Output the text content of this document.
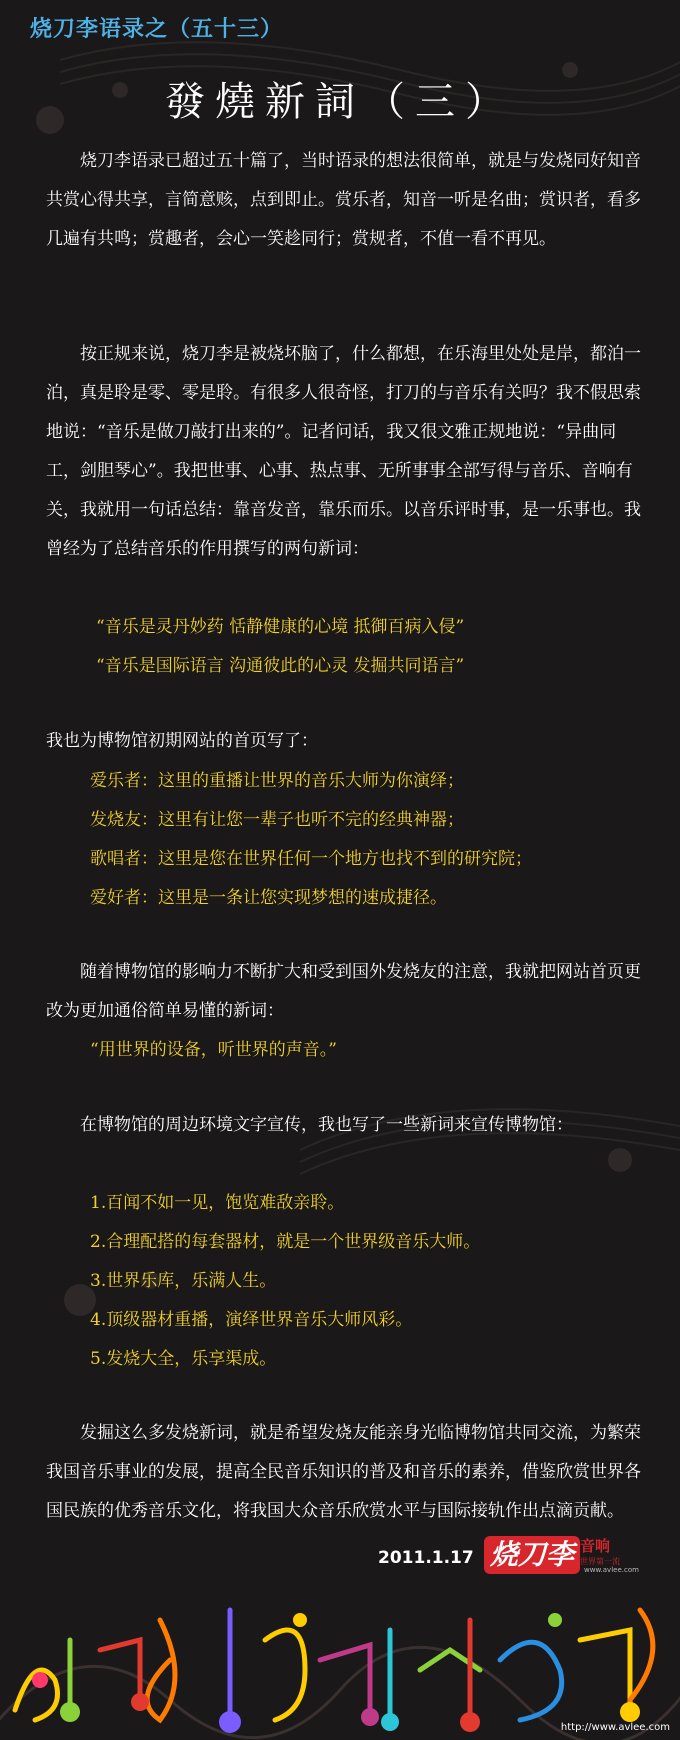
烧刀李语录之（五十三）
發燒新詞（三）

烧刀李语录已超过五十篇了，当时语录的想法很简单，就是与发烧同好知音共赏心得共享，言简意赅，点到即止。赏乐者，知音一听是名曲；赏识者，看多几遍有共鸣；赏趣者，会心一笑趁同行；赏规者，不值一看不再见。

按正规来说，烧刀李是被烧坏脑了，什么都想，在乐海里处处是岸，都泊一泊，真是聆是零、零是聆。有很多人很奇怪，打刀的与音乐有关吗？我不假思索地说：“音乐是做刀敲打出来的”。记者问话，我又很文雅正规地说：“异曲同工，剑胆琴心”。我把世事、心事、热点事、无所事事全部写得与音乐、音响有关，我就用一句话总结：靠音发音，靠乐而乐。以音乐评时事，是一乐事也。我曾经为了总结音乐的作用撰写的两句新词：

“音乐是灵丹妙药 恬静健康的心境 抵御百病入侵”

“音乐是国际语言 沟通彼此的心灵 发掘共同语言”

我也为博物馆初期网站的首页写了：

爱乐者：这里的重播让世界的音乐大师为你演绎；

发烧友：这里有让您一辈子也听不完的经典神器；

歌唱者：这里是您在世界任何一个地方也找不到的研究院；

爱好者：这里是一条让您实现梦想的速成捷径。

随着博物馆的影响力不断扩大和受到国外发烧友的注意，我就把网站首页更改为更加通俗简单易懂的新词：

“用世界的设备，听世界的声音。”

在博物馆的周边环境文字宣传，我也写了一些新词来宣传博物馆：

1.百闻不如一见，饱览难敌亲聆。

2.合理配搭的每套器材，就是一个世界级音乐大师。

3.世界乐库，乐满人生。

4.顶级器材重播，演绎世界音乐大师风彩。

5.发烧大全，乐享渠成。

发掘这么多发烧新词，就是希望发烧友能亲身光临博物馆共同交流，为繁荣我国音乐事业的发展，提高全民音乐知识的普及和音乐的素养，借鉴欣赏世界各国民族的优秀音乐文化，将我国大众音乐欣赏水平与国际接轨作出点滴贡献。

2011.1.17 烧刀李 音响
世界第一流
www.avlee.com
http://www.avlee.com
